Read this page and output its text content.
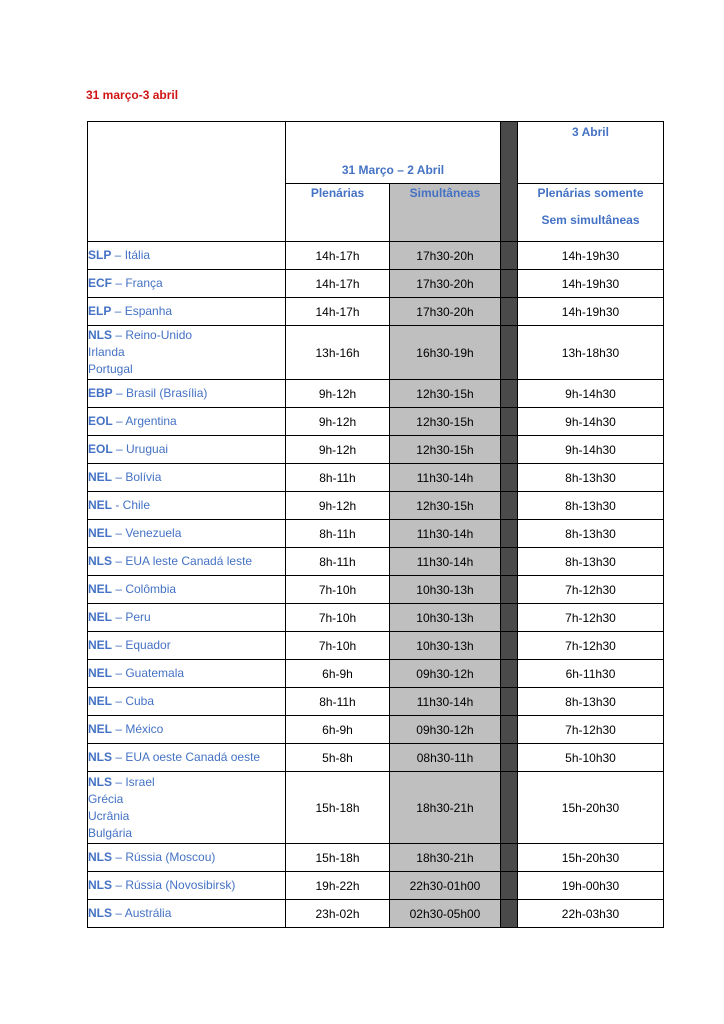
31 março-3 abril
	31 Março – 2 Abril			3 Abril
	Plenárias	Simultâneas		Plenárias somente
Sem simultâneas

SLP – Itália	14h-17h	17h30-20h		14h-19h30

ECF – França	14h-17h	17h30-20h		14h-19h30

ELP – Espanha	14h-17h	17h30-20h		14h-19h30

NLS – Reino-Unido
Irlanda
Portugal	13h-16h	16h30-19h		13h-18h30

EBP – Brasil (Brasília)	9h-12h	12h30-15h		9h-14h30

EOL – Argentina	9h-12h	12h30-15h		9h-14h30

EOL – Uruguai	9h-12h	12h30-15h		9h-14h30

NEL – Bolívia	8h-11h	11h30-14h		8h-13h30

NEL - Chile	9h-12h	12h30-15h		8h-13h30

NEL – Venezuela	8h-11h	11h30-14h		8h-13h30

NLS – EUA leste Canadá leste	8h-11h	11h30-14h		8h-13h30

NEL – Colômbia	7h-10h	10h30-13h		7h-12h30

NEL – Peru	7h-10h	10h30-13h		7h-12h30

NEL – Equador	7h-10h	10h30-13h		7h-12h30

NEL – Guatemala	6h-9h	09h30-12h		6h-11h30

NEL – Cuba	8h-11h	11h30-14h		8h-13h30

NEL – México	6h-9h	09h30-12h		7h-12h30

NLS – EUA oeste Canadá oeste	5h-8h	08h30-11h		5h-10h30

NLS – Israel
Grécia
Ucrânia
Bulgária	15h-18h	18h30-21h		15h-20h30

NLS – Rússia (Moscou)	15h-18h	18h30-21h		15h-20h30

NLS – Rússia (Novosibirsk)	19h-22h	22h30-01h00		19h-00h30

NLS – Austrália	23h-02h	02h30-05h00		22h-03h30
